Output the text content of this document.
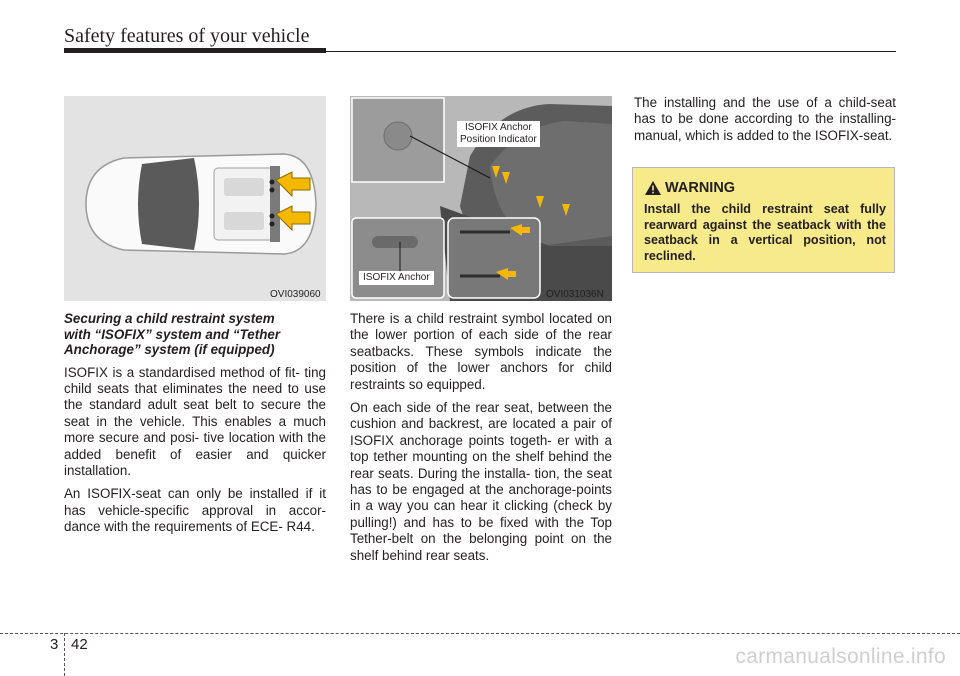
Safety features of your vehicle
OVI039060
ISOFIX Anchor
Position Indicator
ISOFIX Anchor
OVI031036N
Securing a child restraint system
with “ISOFIX” system and “Tether
Anchorage” system (if equipped)

ISOFIX is a standardised method of fit- ting child seats that eliminates the need to use the standard adult seat belt to secure the seat in the vehicle. This enables a much more secure and posi- tive location with the added benefit of easier and quicker installation.

An ISOFIX-seat can only be installed if it has vehicle-specific approval in accor- dance with the requirements of ECE- R44.

There is a child restraint symbol located on the lower portion of each side of the rear seatbacks. These symbols indicate the position of the lower anchors for child restraints so equipped.

On each side of the rear seat, between the cushion and backrest, are located a pair of ISOFIX anchorage points togeth- er with a top tether mounting on the shelf behind the rear seats. During the installa- tion, the seat has to be engaged at the anchorage-points in a way you can hear it clicking (check by pulling!) and has to be fixed with the Top Tether-belt on the belonging point on the shelf behind rear seats.

The installing and the use of a child-seat has to be done according to the installing-manual, which is added to the ISOFIX-seat.

WARNING
Install the child restraint seat fully rearward against the seatback with the seatback in a vertical position, not reclined.
3 42
carmanualsonline.info
